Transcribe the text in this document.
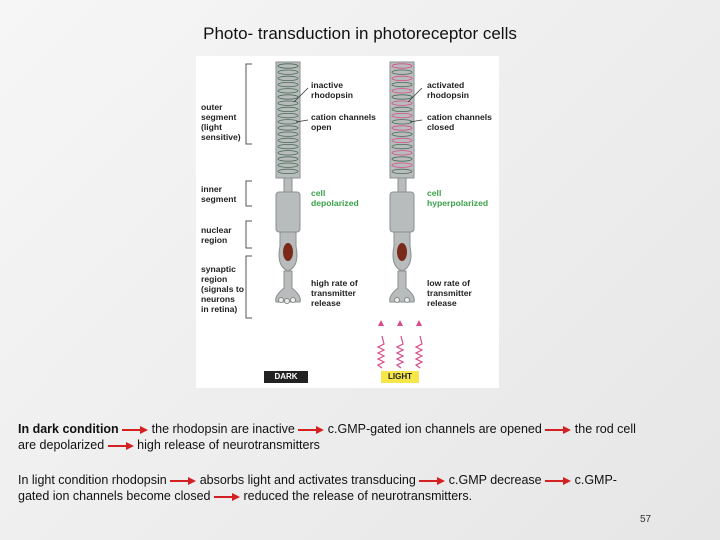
Photo- transduction in photoreceptor cells
outer
segment
(light
sensitive)
inner
segment
nuclear
region
synaptic
region
(signals to
neurons
in retina)
inactive
rhodopsin
cation channels
open
cell
depolarized
high rate of
transmitter
release
activated
rhodopsin
cation channels
closed
cell
hyperpolarized
low rate of
transmitter
release
DARK	LIGHT
In dark condition	the rhodopsin are inactive	c.GMP-gated ion channels are opened	the rod cell
are depolarized	high release of neurotransmitters
In light condition rhodopsin	absorbs light and activates transducing	c.GMP decrease	c.GMP-
gated ion channels become closed	reduced the release of neurotransmitters.
57
